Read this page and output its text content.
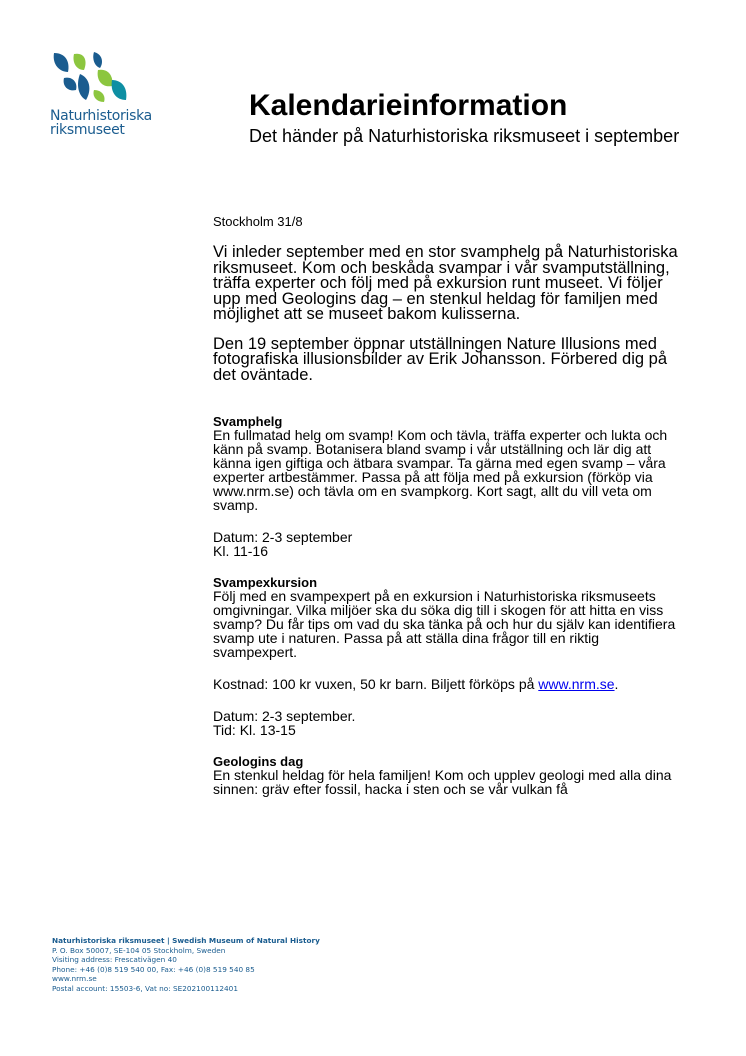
Naturhistoriska
riksmuseet
Kalendarieinformation
Det händer på Naturhistoriska riksmuseet i september

Stockholm 31/8

Vi inleder september med en stor svamphelg på Naturhistoriska riksmuseet. Kom och beskåda svampar i vår svamputställning, träffa experter och följ med på exkursion runt museet. Vi följer upp med Geologins dag – en stenkul heldag för familjen med möjlighet att se museet bakom kulisserna.

Den 19 september öppnar utställningen Nature Illusions med fotografiska illusionsbilder av Erik Johansson. Förbered dig på det oväntade.

Svamphelg

En fullmatad helg om svamp! Kom och tävla, träffa experter och lukta och känn på svamp. Botanisera bland svamp i vår utställning och lär dig att känna igen giftiga och ätbara svampar. Ta gärna med egen svamp – våra experter artbestämmer. Passa på att följa med på exkursion (förköp via www.nrm.se) och tävla om en svampkorg. Kort sagt, allt du vill veta om svamp.

Datum: 2-3 september
Kl. 11-16
Svampexkursion

Följ med en svampexpert på en exkursion i Naturhistoriska riksmuseets omgivningar. Vilka miljöer ska du söka dig till i skogen för att hitta en viss svamp? Du får tips om vad du ska tänka på och hur du själv kan identifiera svamp ute i naturen. Passa på att ställa dina frågor till en riktig svampexpert.

Kostnad: 100 kr vuxen, 50 kr barn. Biljett förköps på www.nrm.se.

Datum: 2-3 september.
Tid: Kl. 13-15
Geologins dag

En stenkul heldag för hela familjen! Kom och upplev geologi med alla dina sinnen: gräv efter fossil, hacka i sten och se vår vulkan få

Naturhistoriska riksmuseet | Swedish Museum of Natural History
P. O. Box 50007, SE-104 05 Stockholm, Sweden
Visiting address: Frescativägen 40
Phone: +46 (0)8 519 540 00, Fax: +46 (0)8 519 540 85
www.nrm.se
Postal account: 15503-6, Vat no: SE202100112401
